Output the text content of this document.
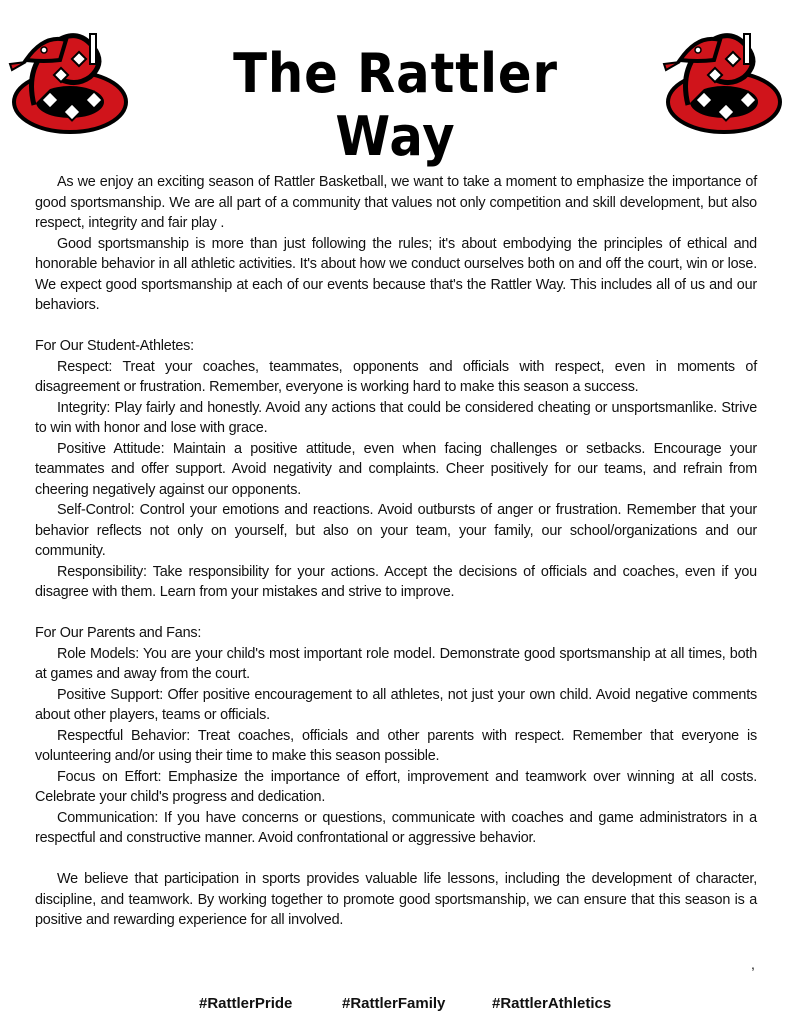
The Rattler Way

As we enjoy an exciting season of Rattler Basketball, we want to take a moment to emphasize the importance of good sportsmanship. We are all part of a community that values not only competition and skill development, but also respect, integrity and fair play .

Good sportsmanship is more than just following the rules; it's about embodying the principles of ethical and honorable behavior in all athletic activities. It's about how we conduct ourselves both on and off the court, win or lose. We expect good sportsmanship at each of our events because that's the Rattler Way. This includes all of us and our behaviors.

For Our Student-Athletes:

Respect: Treat your coaches, teammates, opponents and officials with respect, even in moments of disagreement or frustration. Remember, everyone is working hard to make this season a success.

Integrity: Play fairly and honestly. Avoid any actions that could be considered cheating or unsportsmanlike. Strive to win with honor and lose with grace.

Positive Attitude: Maintain a positive attitude, even when facing challenges or setbacks. Encourage your teammates and offer support. Avoid negativity and complaints. Cheer positively for our teams, and refrain from cheering negatively against our opponents.

Self-Control: Control your emotions and reactions. Avoid outbursts of anger or frustration. Remember that your behavior reflects not only on yourself, but also on your team, your family, our school/organizations and our community.

Responsibility: Take responsibility for your actions. Accept the decisions of officials and coaches, even if you disagree with them. Learn from your mistakes and strive to improve.

For Our Parents and Fans:

Role Models: You are your child's most important role model. Demonstrate good sportsmanship at all times, both at games and away from the court.

Positive Support: Offer positive encouragement to all athletes, not just your own child. Avoid negative comments about other players, teams or officials.

Respectful Behavior: Treat coaches, officials and other parents with respect. Remember that everyone is volunteering and/or using their time to make this season possible.

Focus on Effort: Emphasize the importance of effort, improvement and teamwork over winning at all costs. Celebrate your child's progress and dedication.

Communication: If you have concerns or questions, communicate with coaches and game administrators in a respectful and constructive manner. Avoid confrontational or aggressive behavior.

We believe that participation in sports provides valuable life lessons, including the development of character, discipline, and teamwork. By working together to promote good sportsmanship, we can ensure that this season is a positive and rewarding experience for all involved.

,
#RattlerPride	#RattlerFamily	#RattlerAthletics
